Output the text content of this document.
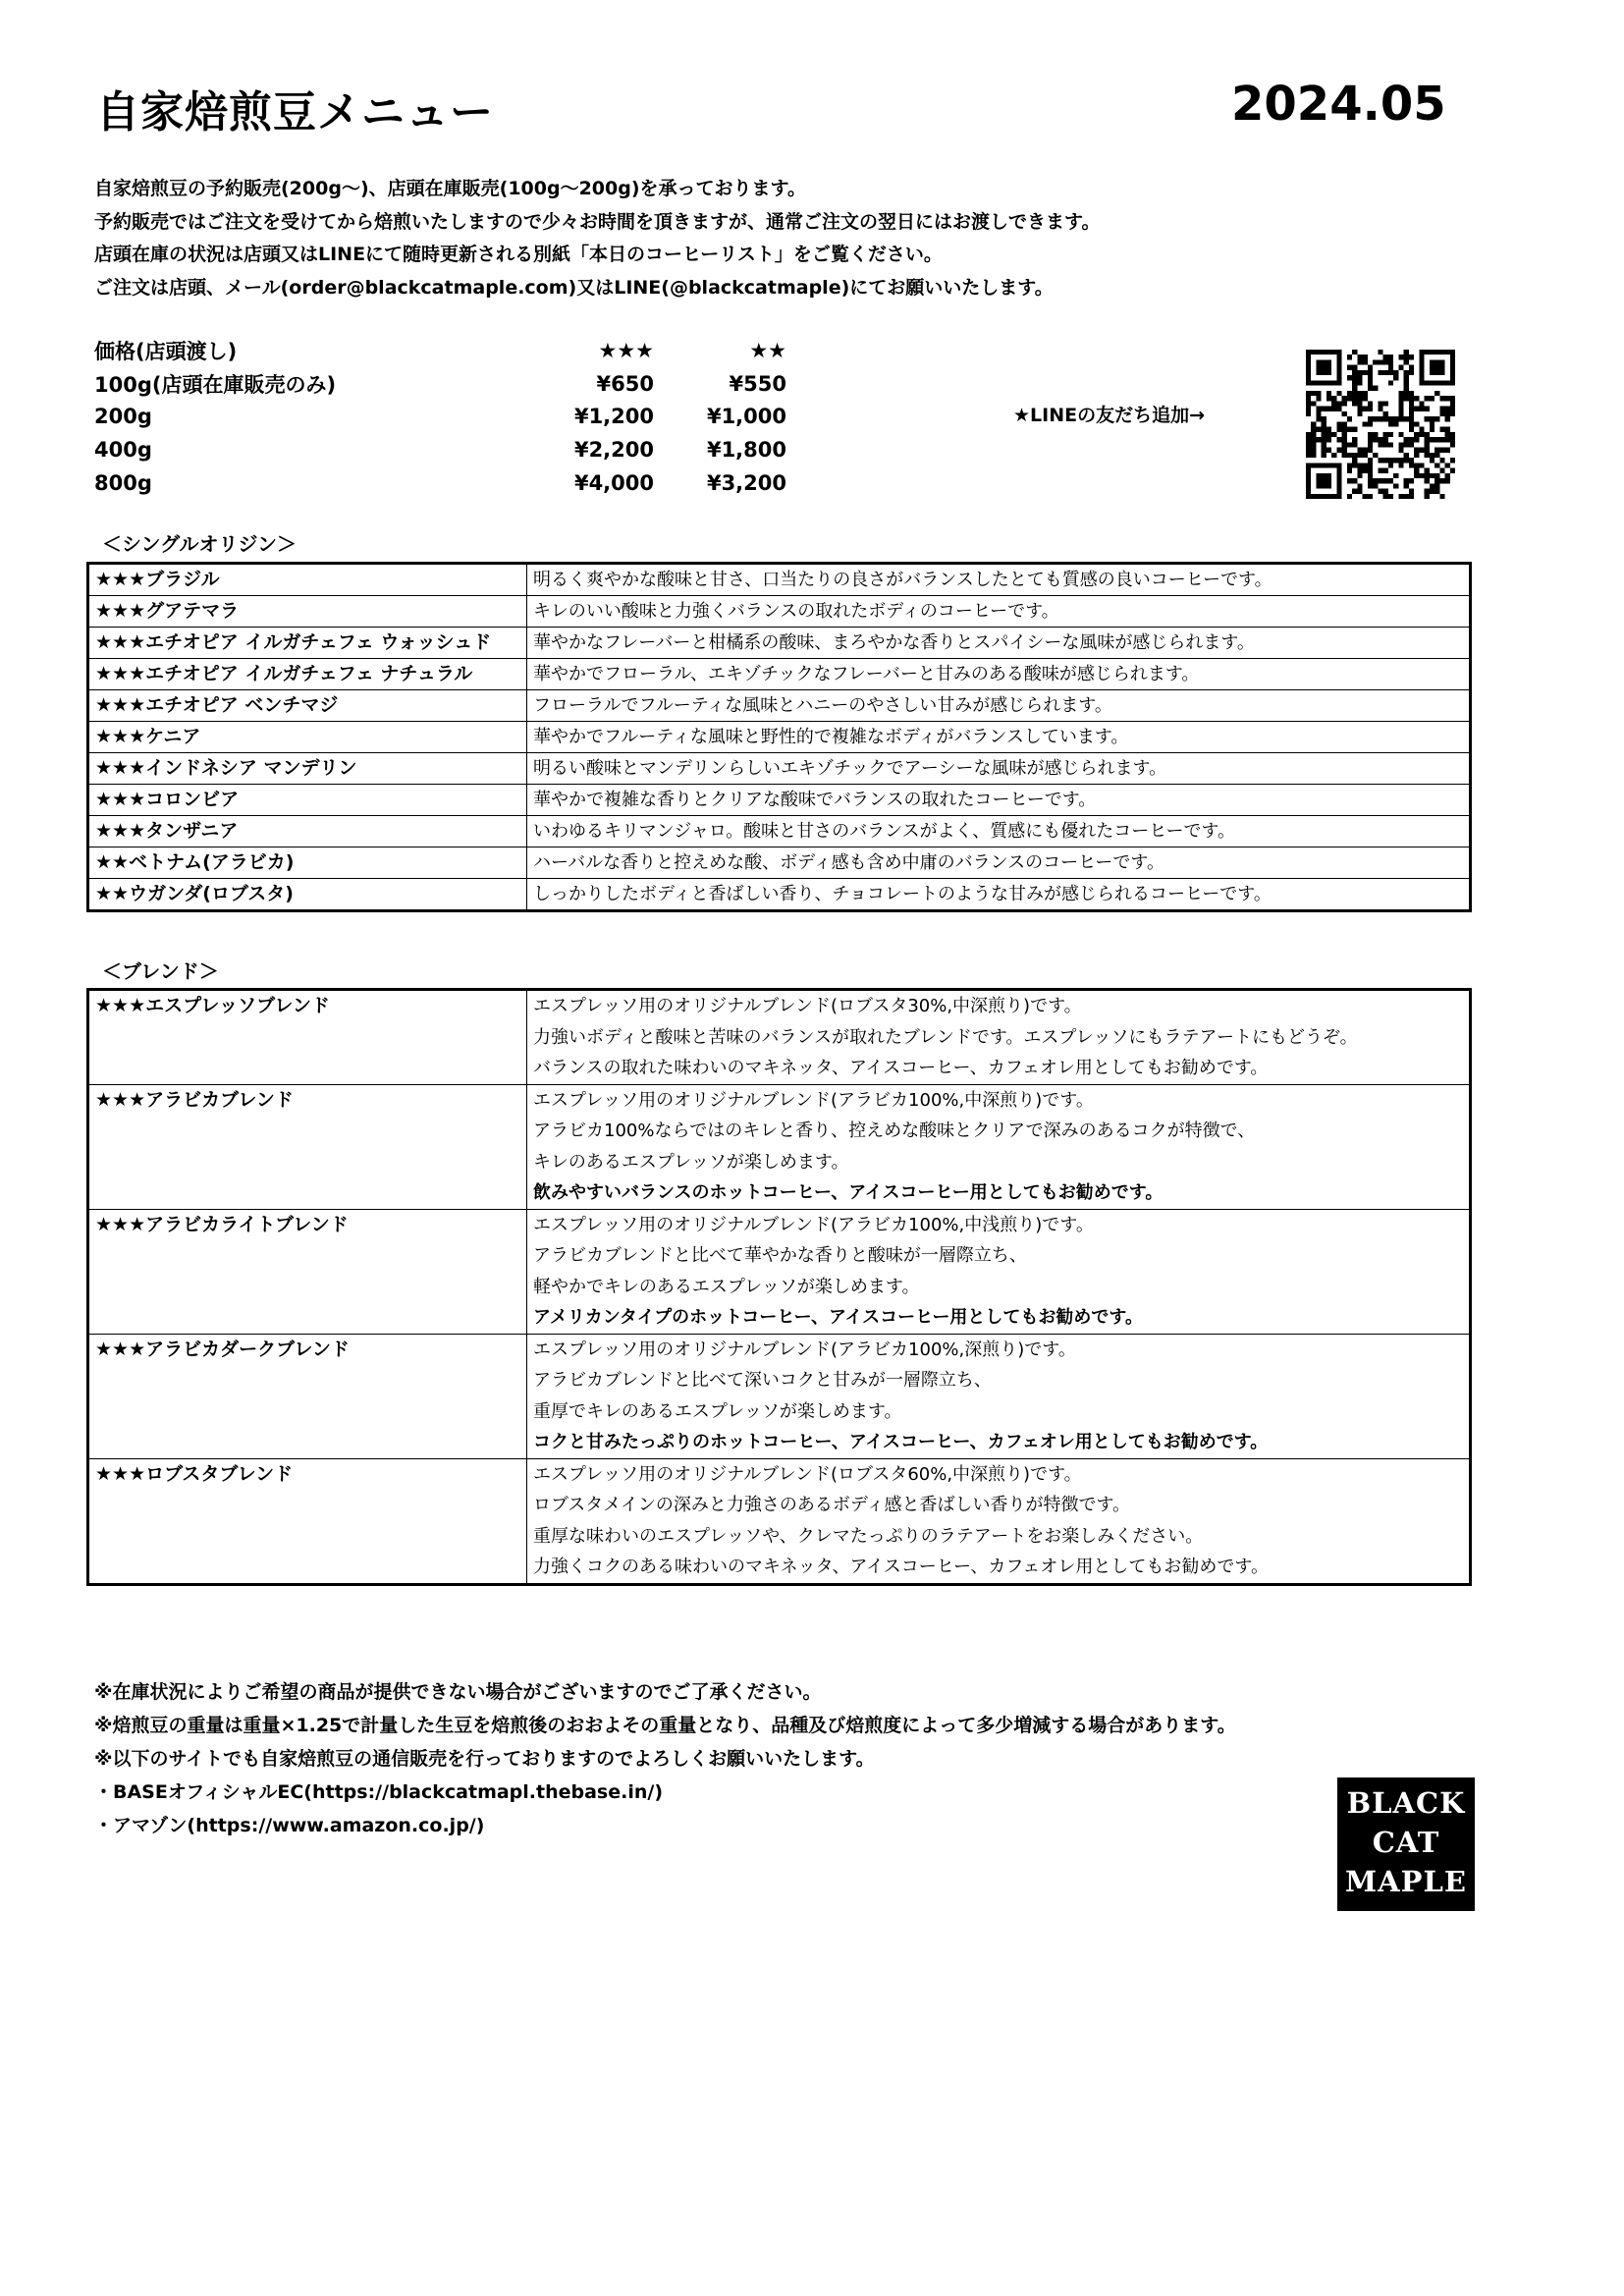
自家焙煎豆メニュー	2024.05
自家焙煎豆の予約販売(200g～)、店頭在庫販売(100g～200g)を承っております。
予約販売ではご注文を受けてから焙煎いたしますので少々お時間を頂きますが、通常ご注文の翌日にはお渡しできます。
店頭在庫の状況は店頭又はLINEにて随時更新される別紙「本日のコーヒーリスト」をご覧ください。
ご注文は店頭、メール(order@blackcatmaple.com)又はLINE(@blackcatmaple)にてお願いいたします。
価格(店頭渡し)	★★★	★★
100g(店頭在庫販売のみ)	¥650	¥550
200g	¥1,200	¥1,000
400g	¥2,200	¥1,800
800g	¥4,000	¥3,200
★LINEの友だち追加→
＜シングルオリジン＞
★★★ブラジル	明るく爽やかな酸味と甘さ、口当たりの良さがバランスしたとても質感の良いコーヒーです。
★★★グアテマラ	キレのいい酸味と力強くバランスの取れたボディのコーヒーです。
★★★エチオピア イルガチェフェ ウォッシュド	華やかなフレーバーと柑橘系の酸味、まろやかな香りとスパイシーな風味が感じられます。
★★★エチオピア イルガチェフェ ナチュラル	華やかでフローラル、エキゾチックなフレーバーと甘みのある酸味が感じられます。
★★★エチオピア ベンチマジ	フローラルでフルーティな風味とハニーのやさしい甘みが感じられます。
★★★ケニア	華やかでフルーティな風味と野性的で複雑なボディがバランスしています。
★★★インドネシア マンデリン	明るい酸味とマンデリンらしいエキゾチックでアーシーな風味が感じられます。
★★★コロンビア	華やかで複雑な香りとクリアな酸味でバランスの取れたコーヒーです。
★★★タンザニア	いわゆるキリマンジャロ。酸味と甘さのバランスがよく、質感にも優れたコーヒーです。
★★ベトナム(アラビカ)	ハーバルな香りと控えめな酸、ボディ感も含め中庸のバランスのコーヒーです。
★★ウガンダ(ロブスタ)	しっかりしたボディと香ばしい香り、チョコレートのような甘みが感じられるコーヒーです。
＜ブレンド＞
★★★エスプレッソブレンド	エスプレッソ用のオリジナルブレンド(ロブスタ30%,中深煎り)です。
力強いボディと酸味と苦味のバランスが取れたブレンドです。エスプレッソにもラテアートにもどうぞ。
バランスの取れた味わいのマキネッタ、アイスコーヒー、カフェオレ用としてもお勧めです。

★★★アラビカブレンド	エスプレッソ用のオリジナルブレンド(アラビカ100%,中深煎り)です。
アラビカ100%ならではのキレと香り、控えめな酸味とクリアで深みのあるコクが特徴で、
キレのあるエスプレッソが楽しめます。
飲みやすいバランスのホットコーヒー、アイスコーヒー用としてもお勧めです。

★★★アラビカライトブレンド	エスプレッソ用のオリジナルブレンド(アラビカ100%,中浅煎り)です。
アラビカブレンドと比べて華やかな香りと酸味が一層際立ち、
軽やかでキレのあるエスプレッソが楽しめます。
アメリカンタイプのホットコーヒー、アイスコーヒー用としてもお勧めです。

★★★アラビカダークブレンド	エスプレッソ用のオリジナルブレンド(アラビカ100%,深煎り)です。
アラビカブレンドと比べて深いコクと甘みが一層際立ち、
重厚でキレのあるエスプレッソが楽しめます。
コクと甘みたっぷりのホットコーヒー、アイスコーヒー、カフェオレ用としてもお勧めです。

★★★ロブスタブレンド	エスプレッソ用のオリジナルブレンド(ロブスタ60%,中深煎り)です。
ロブスタメインの深みと力強さのあるボディ感と香ばしい香りが特徴です。
重厚な味わいのエスプレッソや、クレマたっぷりのラテアートをお楽しみください。
力強くコクのある味わいのマキネッタ、アイスコーヒー、カフェオレ用としてもお勧めです。
※在庫状況によりご希望の商品が提供できない場合がございますのでご了承ください。
※焙煎豆の重量は重量×1.25で計量した生豆を焙煎後のおおよその重量となり、品種及び焙煎度によって多少増減する場合があります。
※以下のサイトでも自家焙煎豆の通信販売を行っておりますのでよろしくお願いいたします。
・BASEオフィシャルEC(https://blackcatmapl.thebase.in/)
・アマゾン(https://www.amazon.co.jp/)
BLACK
CAT
MAPLE
